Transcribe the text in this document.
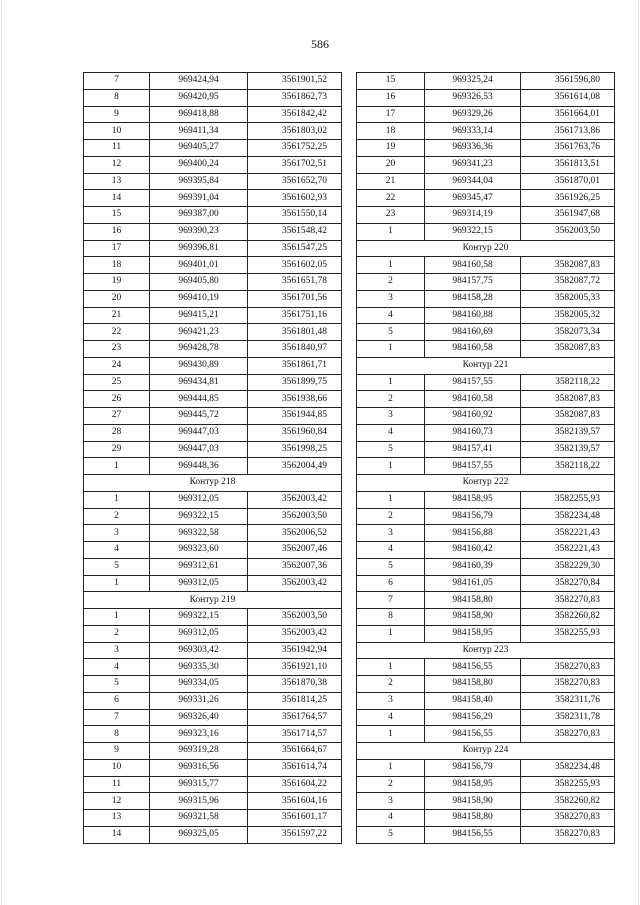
586
7	969424,94	3561901,52
8	969420,95	3561862,73
9	969418,88	3561842,42
10	969411,34	3561803,02
11	969405,27	3561752,25
12	969400,24	3561702,51
13	969395,84	3561652,70
14	969391,04	3561602,93
15	969387,00	3561550,14
16	969390,23	3561548,42
17	969396,81	3561547,25
18	969401,01	3561602,05
19	969405,80	3561651,78
20	969410,19	3561701,56
21	969415,21	3561751,16
22	969421,23	3561801,48
23	969428,78	3561840,97
24	969430,89	3561861,71
25	969434,81	3561899,75
26	969444,85	3561938,66
27	969445,72	3561944,85
28	969447,03	3561960,84
29	969447,03	3561998,25
1	969448,36	3562004,49
Контур 218		
1	969312,05	3562003,42
2	969322,15	3562003,50
3	969322,58	3562006,52
4	969323,60	3562007,46
5	969312,61	3562007,36
1	969312,05	3562003,42
Контур 219		
1	969322,15	3562003,50
2	969312,05	3562003,42
3	969303,42	3561942,94
4	969335,30	3561921,10
5	969334,05	3561870,38
6	969331,26	3561814,25
7	969326,40	3561764,57
8	969323,16	3561714,57
9	969319,28	3561664,67
10	969316,56	3561614,74
11	969315,77	3561604,22
12	969315,96	3561604,16
13	969321,58	3561601,17
14	969325,05	3561597,22
15	969325,24	3561596,80
16	969326,53	3561614,08
17	969329,26	3561664,01
18	969333,14	3561713,86
19	969336,36	3561763,76
20	969341,23	3561813,51
21	969344,04	3561870,01
22	969345,47	3561926,25
23	969314,19	3561947,68
1	969322,15	3562003,50
Контур 220		
1	984160,58	3582087,83
2	984157,75	3582087,72
3	984158,28	3582005,33
4	984160,88	3582005,32
5	984160,69	3582073,34
1	984160,58	3582087,83
Контур 221		
1	984157,55	3582118,22
2	984160,58	3582087,83
3	984160,92	3582087,83
4	984160,73	3582139,57
5	984157,41	3582139,57
1	984157,55	3582118,22
Контур 222		
1	984158,95	3582255,93
2	984156,79	3582234,48
3	984156,88	3582221,43
4	984160,42	3582221,43
5	984160,39	3582229,30
6	984161,05	3582270,84
7	984158,80	3582270,83
8	984158,90	3582260,82
1	984158,95	3582255,93
Контур 223		
1	984156,55	3582270,83
2	984158,80	3582270,83
3	984158,40	3582311,76
4	984156,29	3582311,78
1	984156,55	3582270,83
Контур 224		
1	984156,79	3582234,48
2	984158,95	3582255,93
3	984158,90	3582260,82
4	984158,80	3582270,83
5	984156,55	3582270,83
